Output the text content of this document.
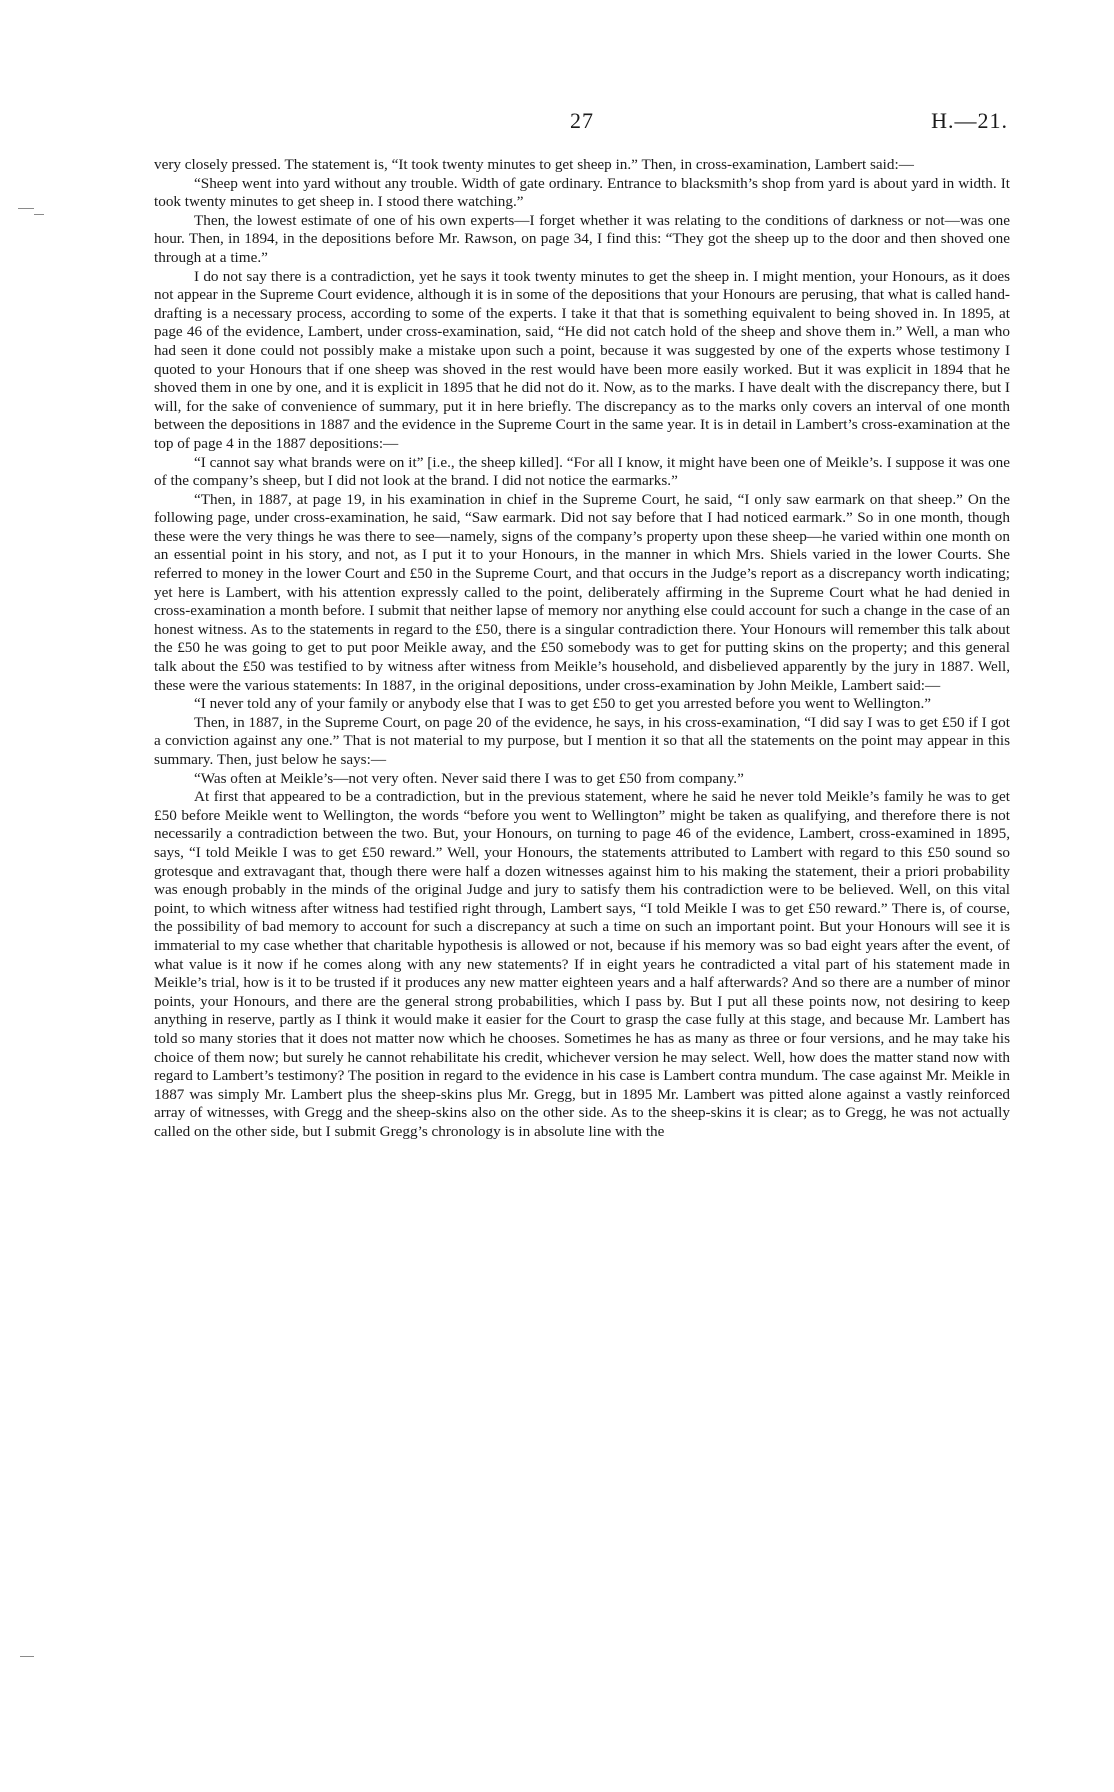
27	H.—21.

very closely pressed. The statement is, “It took twenty minutes to get sheep in.” Then, in cross-examination, Lambert said:—

“Sheep went into yard without any trouble. Width of gate ordinary. Entrance to blacksmith’s shop from yard is about yard in width. It took twenty minutes to get sheep in. I stood there watching.”

Then, the lowest estimate of one of his own experts—I forget whether it was relating to the conditions of darkness or not—was one hour. Then, in 1894, in the depositions before Mr. Rawson, on page 34, I find this: “They got the sheep up to the door and then shoved one through at a time.”

I do not say there is a contradiction, yet he says it took twenty minutes to get the sheep in. I might mention, your Honours, as it does not appear in the Supreme Court evidence, although it is in some of the depositions that your Honours are perusing, that what is called hand-drafting is a necessary process, according to some of the experts. I take it that that is something equivalent to being shoved in. In 1895, at page 46 of the evidence, Lambert, under cross-examination, said, “He did not catch hold of the sheep and shove them in.” Well, a man who had seen it done could not possibly make a mistake upon such a point, because it was suggested by one of the experts whose testimony I quoted to your Honours that if one sheep was shoved in the rest would have been more easily worked. But it was explicit in 1894 that he shoved them in one by one, and it is explicit in 1895 that he did not do it. Now, as to the marks. I have dealt with the discrepancy there, but I will, for the sake of convenience of summary, put it in here briefly. The discrepancy as to the marks only covers an interval of one month between the depositions in 1887 and the evidence in the Supreme Court in the same year. It is in detail in Lambert’s cross-examination at the top of page 4 in the 1887 depositions:—

“I cannot say what brands were on it” [i.e., the sheep killed]. “For all I know, it might have been one of Meikle’s. I suppose it was one of the company’s sheep, but I did not look at the brand. I did not notice the earmarks.”

“Then, in 1887, at page 19, in his examination in chief in the Supreme Court, he said, “I only saw earmark on that sheep.” On the following page, under cross-examination, he said, “Saw earmark. Did not say before that I had noticed earmark.” So in one month, though these were the very things he was there to see—namely, signs of the company’s property upon these sheep—he varied within one month on an essential point in his story, and not, as I put it to your Honours, in the manner in which Mrs. Shiels varied in the lower Courts. She referred to money in the lower Court and £50 in the Supreme Court, and that occurs in the Judge’s report as a discrepancy worth indicating; yet here is Lambert, with his attention expressly called to the point, deliberately affirming in the Supreme Court what he had denied in cross-examination a month before. I submit that neither lapse of memory nor anything else could account for such a change in the case of an honest witness. As to the statements in regard to the £50, there is a singular contradiction there. Your Honours will remember this talk about the £50 he was going to get to put poor Meikle away, and the £50 somebody was to get for putting skins on the property; and this general talk about the £50 was testified to by witness after witness from Meikle’s household, and disbelieved apparently by the jury in 1887. Well, these were the various statements: In 1887, in the original depositions, under cross-examination by John Meikle, Lambert said:—

“I never told any of your family or anybody else that I was to get £50 to get you arrested before you went to Wellington.”

Then, in 1887, in the Supreme Court, on page 20 of the evidence, he says, in his cross-examination, “I did say I was to get £50 if I got a conviction against any one.” That is not material to my purpose, but I mention it so that all the statements on the point may appear in this summary. Then, just below he says:—

“Was often at Meikle’s—not very often. Never said there I was to get £50 from company.”

At first that appeared to be a contradiction, but in the previous statement, where he said he never told Meikle’s family he was to get £50 before Meikle went to Wellington, the words “before you went to Wellington” might be taken as qualifying, and therefore there is not necessarily a contradiction between the two. But, your Honours, on turning to page 46 of the evidence, Lambert, cross-examined in 1895, says, “I told Meikle I was to get £50 reward.” Well, your Honours, the statements attributed to Lambert with regard to this £50 sound so grotesque and extravagant that, though there were half a dozen witnesses against him to his making the statement, their a priori probability was enough probably in the minds of the original Judge and jury to satisfy them his contradiction were to be believed. Well, on this vital point, to which witness after witness had testified right through, Lambert says, “I told Meikle I was to get £50 reward.” There is, of course, the possibility of bad memory to account for such a discrepancy at such a time on such an important point. But your Honours will see it is immaterial to my case whether that charitable hypothesis is allowed or not, because if his memory was so bad eight years after the event, of what value is it now if he comes along with any new statements? If in eight years he contradicted a vital part of his statement made in Meikle’s trial, how is it to be trusted if it produces any new matter eighteen years and a half afterwards? And so there are a number of minor points, your Honours, and there are the general strong probabilities, which I pass by. But I put all these points now, not desiring to keep anything in reserve, partly as I think it would make it easier for the Court to grasp the case fully at this stage, and because Mr. Lambert has told so many stories that it does not matter now which he chooses. Sometimes he has as many as three or four versions, and he may take his choice of them now; but surely he cannot rehabilitate his credit, whichever version he may select. Well, how does the matter stand now with regard to Lambert’s testimony? The position in regard to the evidence in his case is Lambert contra mundum. The case against Mr. Meikle in 1887 was simply Mr. Lambert plus the sheep-skins plus Mr. Gregg, but in 1895 Mr. Lambert was pitted alone against a vastly reinforced array of witnesses, with Gregg and the sheep-skins also on the other side. As to the sheep-skins it is clear; as to Gregg, he was not actually called on the other side, but I submit Gregg’s chronology is in absolute line with the
